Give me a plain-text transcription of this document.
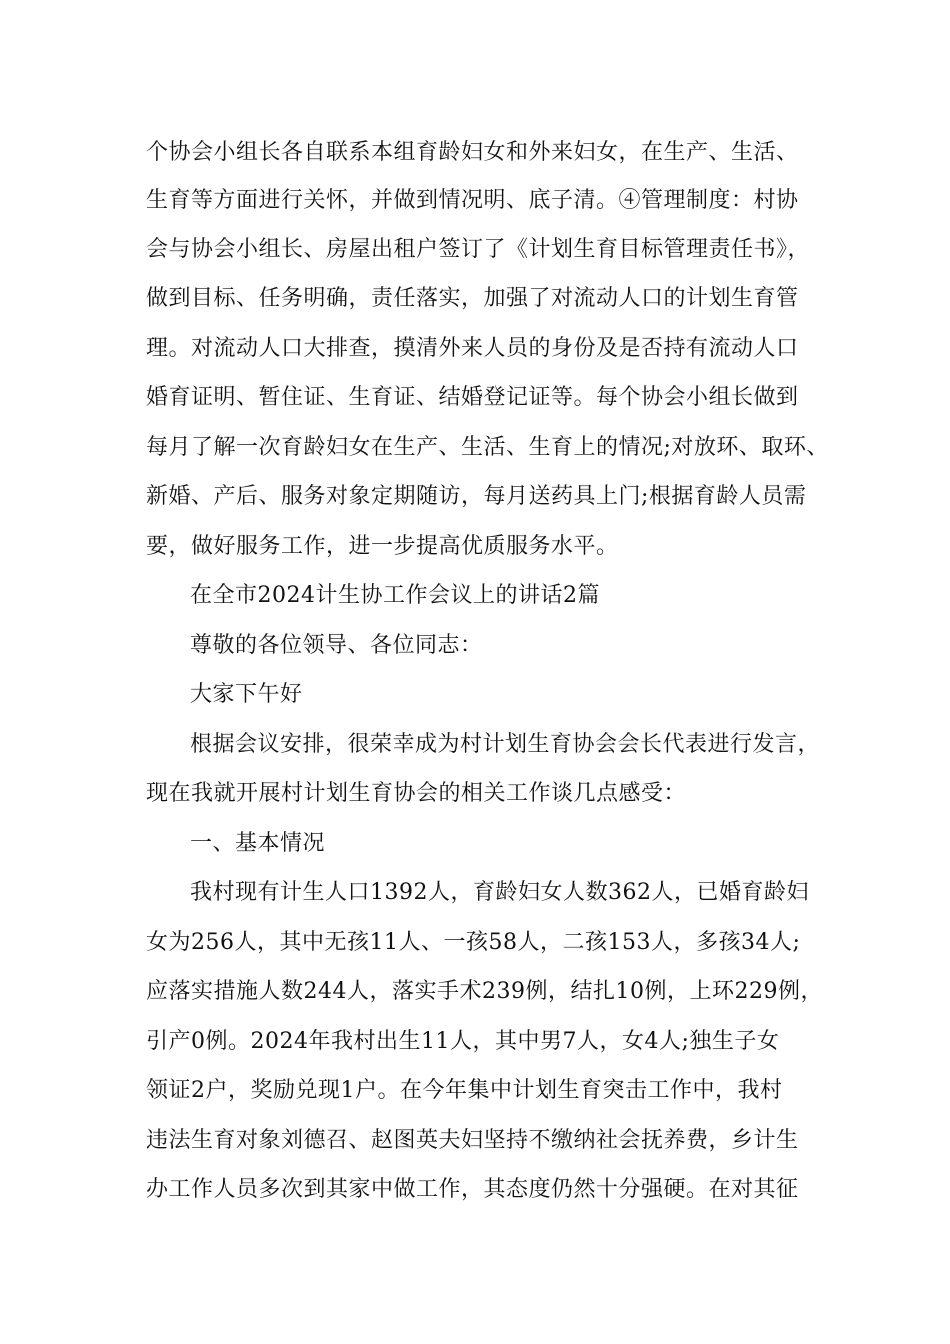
个协会小组长各自联系本组育龄妇女和外来妇女，在生产、生活、
生育等方面进行关怀，并做到情况明、底子清。④管理制度：村协
会与协会小组长、房屋出租户签订了《计划生育目标管理责任书》，
做到目标、任务明确，责任落实，加强了对流动人口的计划生育管
理。对流动人口大排查，摸清外来人员的身份及是否持有流动人口
婚育证明、暂住证、生育证、结婚登记证等。每个协会小组长做到
每月了解一次育龄妇女在生产、生活、生育上的情况;对放环、取环、
新婚、产后、服务对象定期随访，每月送药具上门;根据育龄人员需
要，做好服务工作，进一步提高优质服务水平。
在全市2024计生协工作会议上的讲话2篇
尊敬的各位领导、各位同志：
大家下午好
根据会议安排，很荣幸成为村计划生育协会会长代表进行发言，
现在我就开展村计划生育协会的相关工作谈几点感受：
一、基本情况
我村现有计生人口1392人，育龄妇女人数362人，已婚育龄妇
女为256人，其中无孩11人、一孩58人，二孩153人，多孩34人;
应落实措施人数244人，落实手术239例，结扎10例，上环229例，
引产0例。2024年我村出生11人，其中男7人，女4人;独生子女
领证2户，奖励兑现1户。在今年集中计划生育突击工作中，我村
违法生育对象刘德召、赵图英夫妇坚持不缴纳社会抚养费，乡计生
办工作人员多次到其家中做工作，其态度仍然十分强硬。在对其征
